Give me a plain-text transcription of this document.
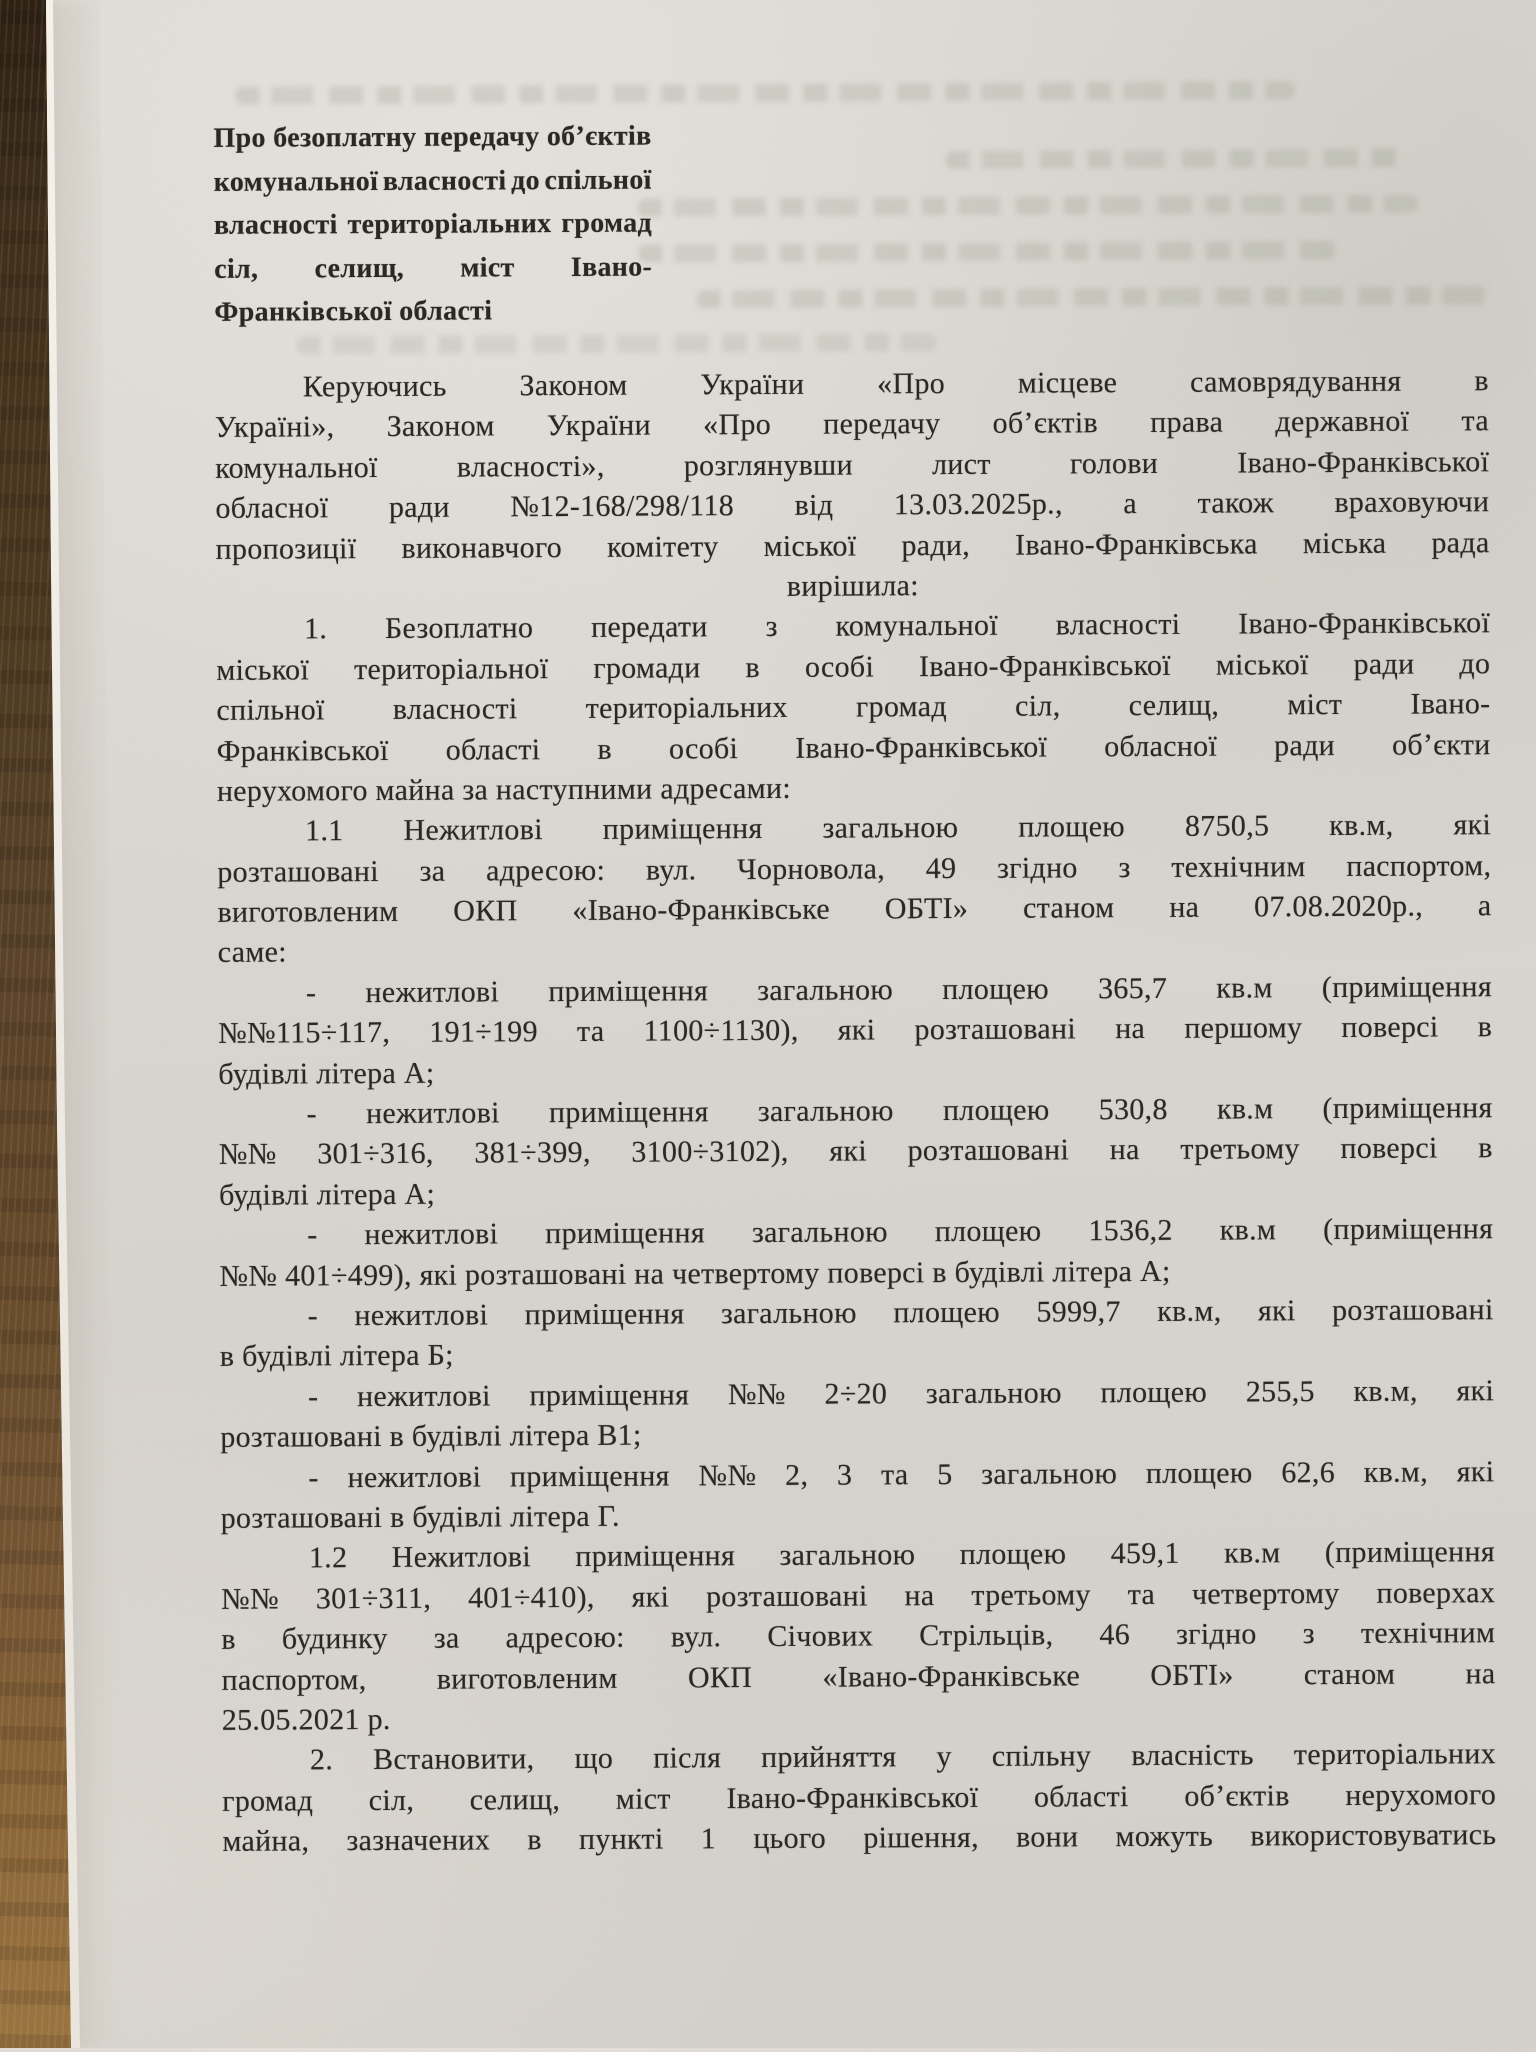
Про безоплатну передачу об’єктів
комунальної власності до спільної
власності територіальних громад
сіл, селищ, міст Івано-
Франківської області
Керуючись Законом України «Про місцеве самоврядування в
Україні», Законом України «Про передачу об’єктів права державної та
комунальної	власності»,	розглянувши	лист	голови	Івано-Франківської
обласної ради №12-168/298/118 від 13.03.2025р., а також враховуючи
пропозиції виконавчого комітету міської ради, Івано-Франківська міська рада
вирішила:
1. Безоплатно передати з комунальної власності Івано-Франківської
міської територіальної громади в особі Івано-Франківської міської ради до
спільної власності територіальних громад сіл, селищ, міст Івано-
Франківської області в особі Івано-Франківської обласної ради об’єкти
нерухомого майна за наступними адресами:
1.1 Нежитлові приміщення загальною площею 8750,5 кв.м, які
розташовані за адресою: вул. Чорновола, 49 згідно з технічним паспортом,
виготовленим ОКП «Івано-Франківське ОБТІ» станом на 07.08.2020р., а
саме:
- нежитлові приміщення загальною площею 365,7 кв.м (приміщення
№№115÷117, 191÷199 та 1100÷1130), які розташовані на першому поверсі в
будівлі літера А;
- нежитлові приміщення загальною площею 530,8 кв.м (приміщення
№№ 301÷316, 381÷399, 3100÷3102), які розташовані на третьому поверсі в
будівлі літера А;
- нежитлові приміщення загальною площею 1536,2 кв.м (приміщення
№№ 401÷499), які розташовані на четвертому поверсі в будівлі літера А;
- нежитлові приміщення загальною площею 5999,7 кв.м, які розташовані
в будівлі літера Б;
- нежитлові приміщення №№ 2÷20 загальною площею 255,5 кв.м, які
розташовані в будівлі літера В1;
- нежитлові приміщення №№ 2, 3 та 5 загальною площею 62,6 кв.м, які
розташовані в будівлі літера Г.
1.2 Нежитлові приміщення загальною площею 459,1 кв.м (приміщення
№№ 301÷311, 401÷410), які розташовані на третьому та четвертому поверхах
в будинку за адресою: вул. Січових Стрільців, 46 згідно з технічним
паспортом, виготовленим ОКП «Івано-Франківське ОБТІ» станом на
25.05.2021 р.
2. Встановити, що після прийняття у спільну власність територіальних
громад сіл, селищ, міст Івано-Франківської області об’єктів нерухомого
майна, зазначених в пункті 1 цього рішення, вони можуть використовуватись
